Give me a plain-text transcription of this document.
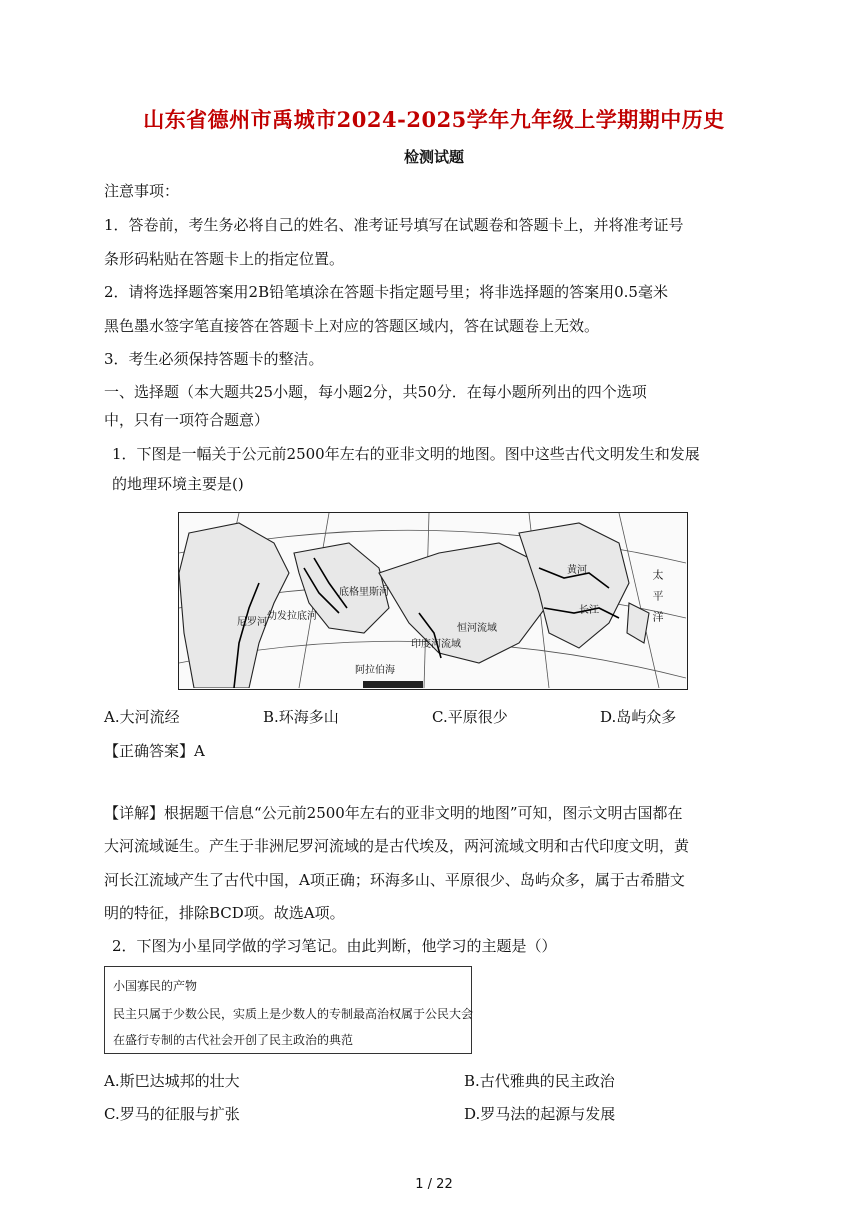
山东省德州市禹城市2024-2025学年九年级上学期期中历史
检测试题
注意事项：
1．答卷前，考生务必将自己的姓名、准考证号填写在试题卷和答题卡上，并将准考证号
条形码粘贴在答题卡上的指定位置。
2．请将选择题答案用2B铅笔填涂在答题卡指定题号里；将非选择题的答案用0.5毫米
黑色墨水签字笔直接答在答题卡上对应的答题区域内，答在试题卷上无效。
3．考生必须保持答题卡的整洁。
一、选择题（本大题共25小题，每小题2分，共50分．在每小题所列出的四个选项
中，只有一项符合题意）
1．下图是一幅关于公元前2500年左右的亚非文明的地图。图中这些古代文明发生和发展
的地理环境主要是()
尼罗河
幼发拉底河
底格里斯河
印度河流域
恒河流域
黄河
长江
阿拉伯海
太平洋
A.大河流经	B.环海多山	C.平原很少	D.岛屿众多
【正确答案】A
【详解】根据题干信息“公元前2500年左右的亚非文明的地图”可知，图示文明古国都在
大河流域诞生。产生于非洲尼罗河流域的是古代埃及，两河流域文明和古代印度文明，黄
河长江流域产生了古代中国，A项正确；环海多山、平原很少、岛屿众多，属于古希腊文
明的特征，排除BCD项。故选A项。
2．下图为小星同学做的学习笔记。由此判断，他学习的主题是（）
小国寡民的产物
民主只属于少数公民，实质上是少数人的专制最高治权属于公民大会
在盛行专制的古代社会开创了民主政治的典范
A.斯巴达城邦的壮大	B.古代雅典的民主政治
C.罗马的征服与扩张	D.罗马法的起源与发展
1 / 22
